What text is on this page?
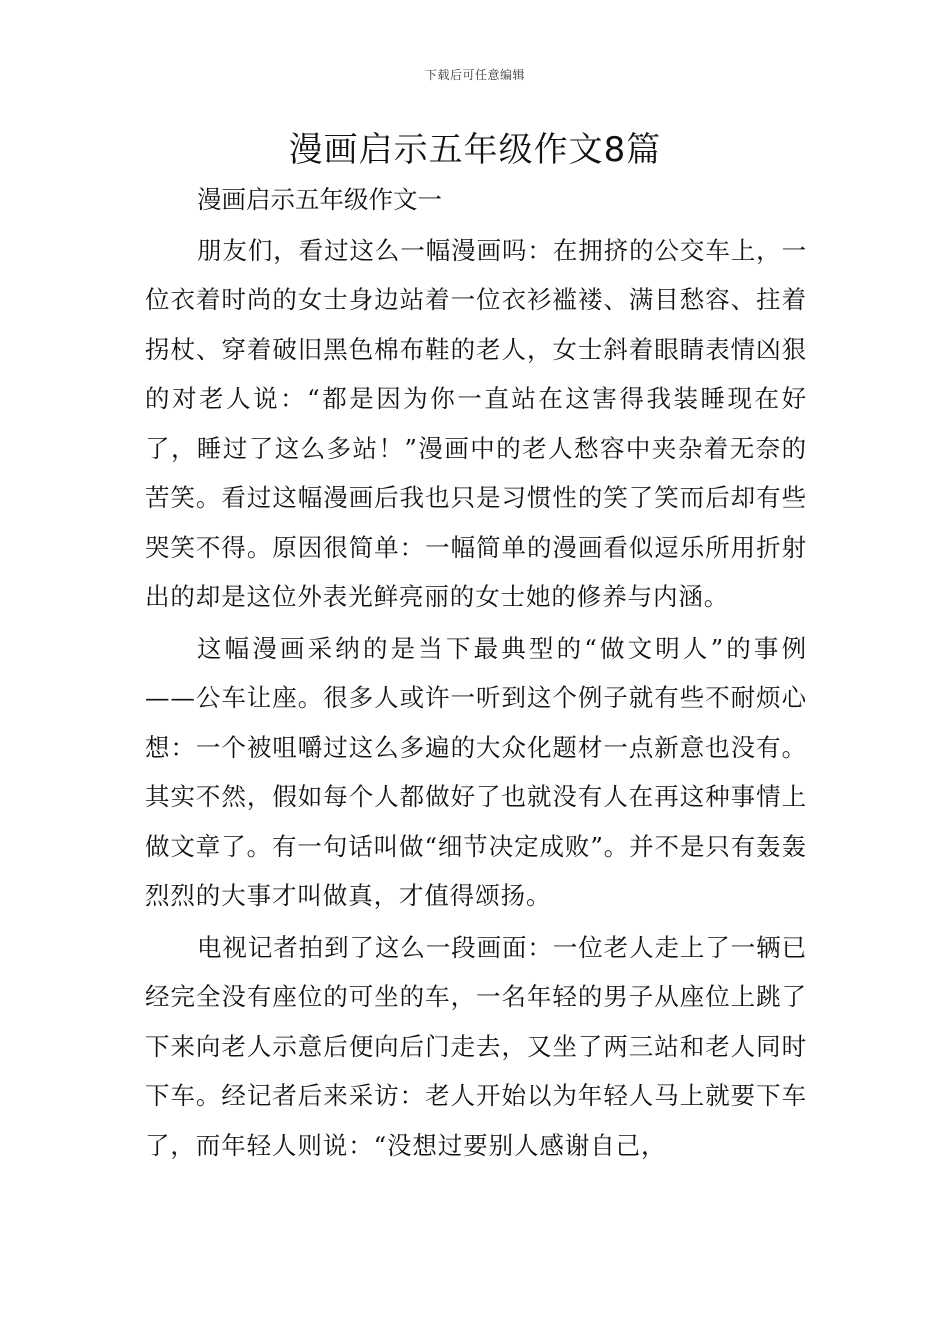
下载后可任意编辑
漫画启示五年级作文8篇

漫画启示五年级作文一

朋友们，看过这么一幅漫画吗：在拥挤的公交车上，一位衣着时尚的女士身边站着一位衣衫褴褛、满目愁容、拄着拐杖、穿着破旧黑色棉布鞋的老人，女士斜着眼睛表情凶狠的对老人说：“都是因为你一直站在这害得我装睡现在好了，睡过了这么多站！”漫画中的老人愁容中夹杂着无奈的苦笑。看过这幅漫画后我也只是习惯性的笑了笑而后却有些哭笑不得。原因很简单：一幅简单的漫画看似逗乐所用折射出的却是这位外表光鲜亮丽的女士她的修养与内涵。

这幅漫画采纳的是当下最典型的“做文明人”的事例——公车让座。很多人或许一听到这个例子就有些不耐烦心想：一个被咀嚼过这么多遍的大众化题材一点新意也没有。其实不然，假如每个人都做好了也就没有人在再这种事情上做文章了。有一句话叫做“细节决定成败”。并不是只有轰轰烈烈的大事才叫做真，才值得颂扬。

电视记者拍到了这么一段画面：一位老人走上了一辆已经完全没有座位的可坐的车，一名年轻的男子从座位上跳了下来向老人示意后便向后门走去，又坐了两三站和老人同时下车。经记者后来采访：老人开始以为年轻人马上就要下车了，而年轻人则说：“没想过要别人感谢自己，
